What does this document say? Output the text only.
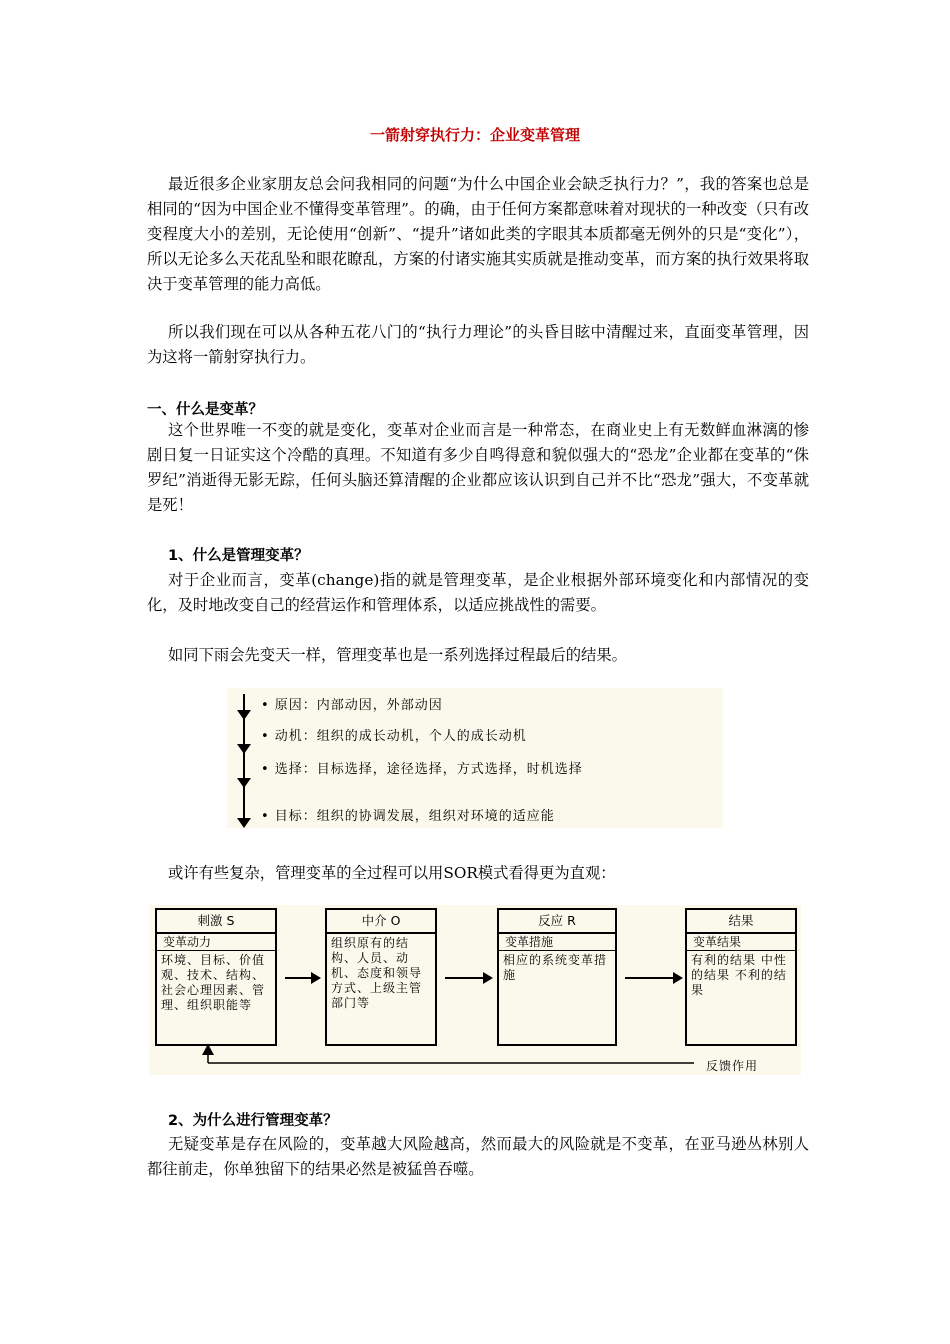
一箭射穿执行力：企业变革管理

最近很多企业家朋友总会问我相同的问题“为什么中国企业会缺乏执行力？”，我的答案也总是相同的“因为中国企业不懂得变革管理”。的确，由于任何方案都意味着对现状的一种改变（只有改变程度大小的差别，无论使用“创新”、“提升”诸如此类的字眼其本质都毫无例外的只是“变化”），所以无论多么天花乱坠和眼花瞭乱，方案的付诸实施其实质就是推动变革，而方案的执行效果将取决于变革管理的能力高低。

所以我们现在可以从各种五花八门的“执行力理论”的头昏目眩中清醒过来，直面变革管理，因为这将一箭射穿执行力。

一、什么是变革？

这个世界唯一不变的就是变化，变革对企业而言是一种常态，在商业史上有无数鲜血淋漓的惨剧日复一日证实这个冷酷的真理。不知道有多少自鸣得意和貌似强大的“恐龙”企业都在变革的“侏罗纪”消逝得无影无踪，任何头脑还算清醒的企业都应该认识到自己并不比“恐龙”强大，不变革就是死！

1、什么是管理变革？

对于企业而言，变革(change)指的就是管理变革，是企业根据外部环境变化和内部情况的变化，及时地改变自己的经营运作和管理体系，以适应挑战性的需要。

如同下雨会先变天一样，管理变革也是一系列选择过程最后的结果。

• 原因：内部动因，外部动因
• 动机：组织的成长动机，个人的成长动机
• 选择：目标选择，途径选择，方式选择，时机选择
• 目标：组织的协调发展，组织对环境的适应能

或许有些复杂，管理变革的全过程可以用SOR模式看得更为直观：

刺激 S
变革动力
环境、目标、价值观、技术、结构、社会心理因素、管理、组织职能等
中介 O
组织原有的结构、人员、动机、态度和领导方式、上级主管部门等
反应 R
变革措施
相应的系统变革措施
结果
变革结果
有利的结果 中性的结果 不利的结果
反馈作用

2、为什么进行管理变革？

无疑变革是存在风险的，变革越大风险越高，然而最大的风险就是不变革，在亚马逊丛林别人都往前走，你单独留下的结果必然是被猛兽吞噬。
